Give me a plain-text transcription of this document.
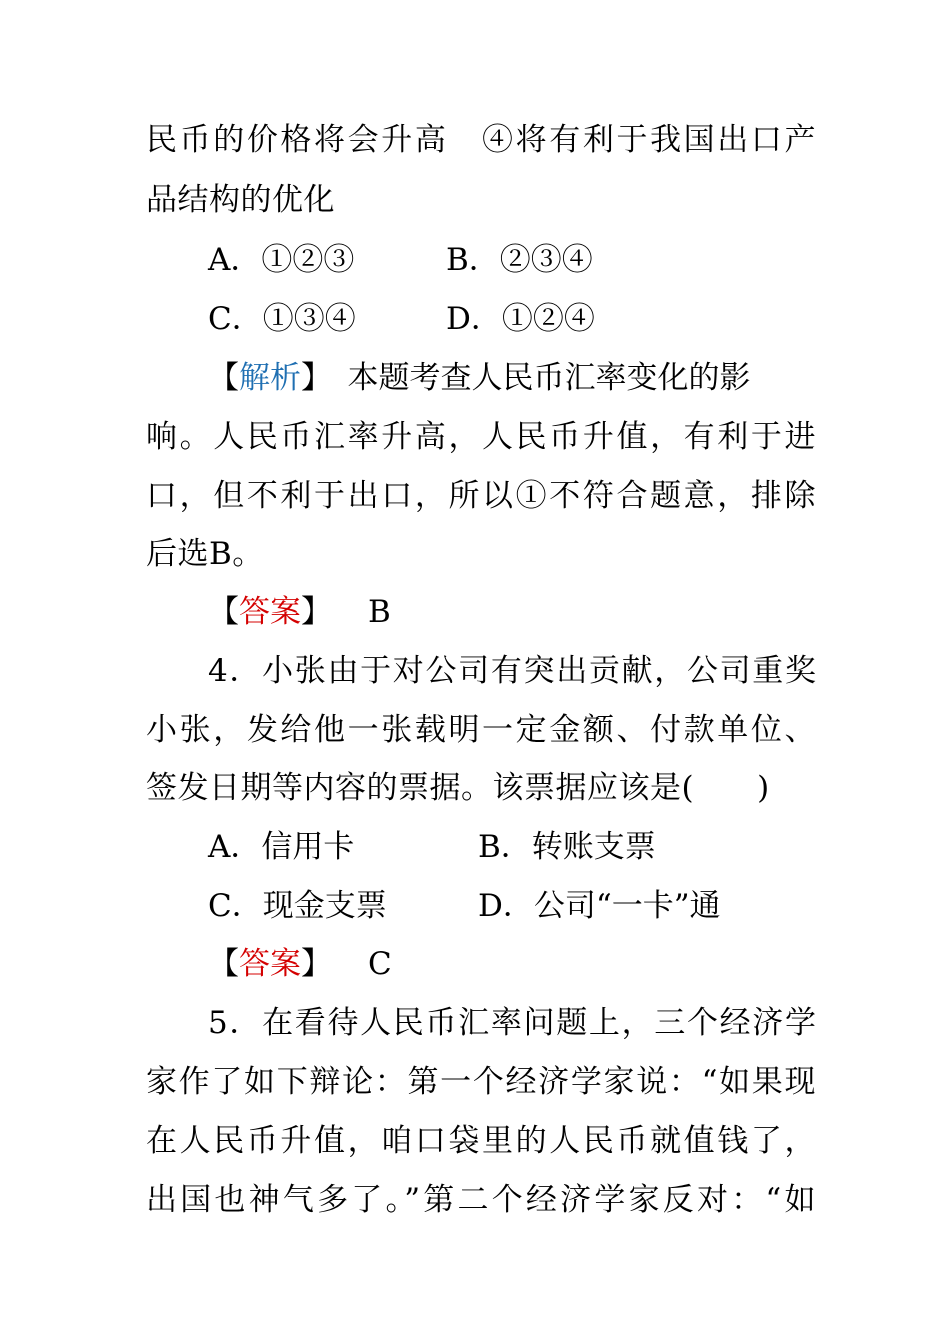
民币的价格将会升高　④将有利于我国出口产
品结构的优化
A．①②③	B．②③④
C．①③④	D．①②④
【解析】　本题考查人民币汇率变化的影
响。人民币汇率升高，人民币升值，有利于进
口，但不利于出口，所以①不符合题意，排除
后选B。
【答案】 B
4．小张由于对公司有突出贡献，公司重奖
小张，发给他一张载明一定金额、付款单位、
签发日期等内容的票据。该票据应该是(　　)
A．信用卡	B．转账支票
C．现金支票	D．公司“一卡”通
【答案】 C
5．在看待人民币汇率问题上，三个经济学
家作了如下辩论：第一个经济学家说：“如果现
在人民币升值，咱口袋里的人民币就值钱了，
出国也神气多了。”第二个经济学家反对：“如
